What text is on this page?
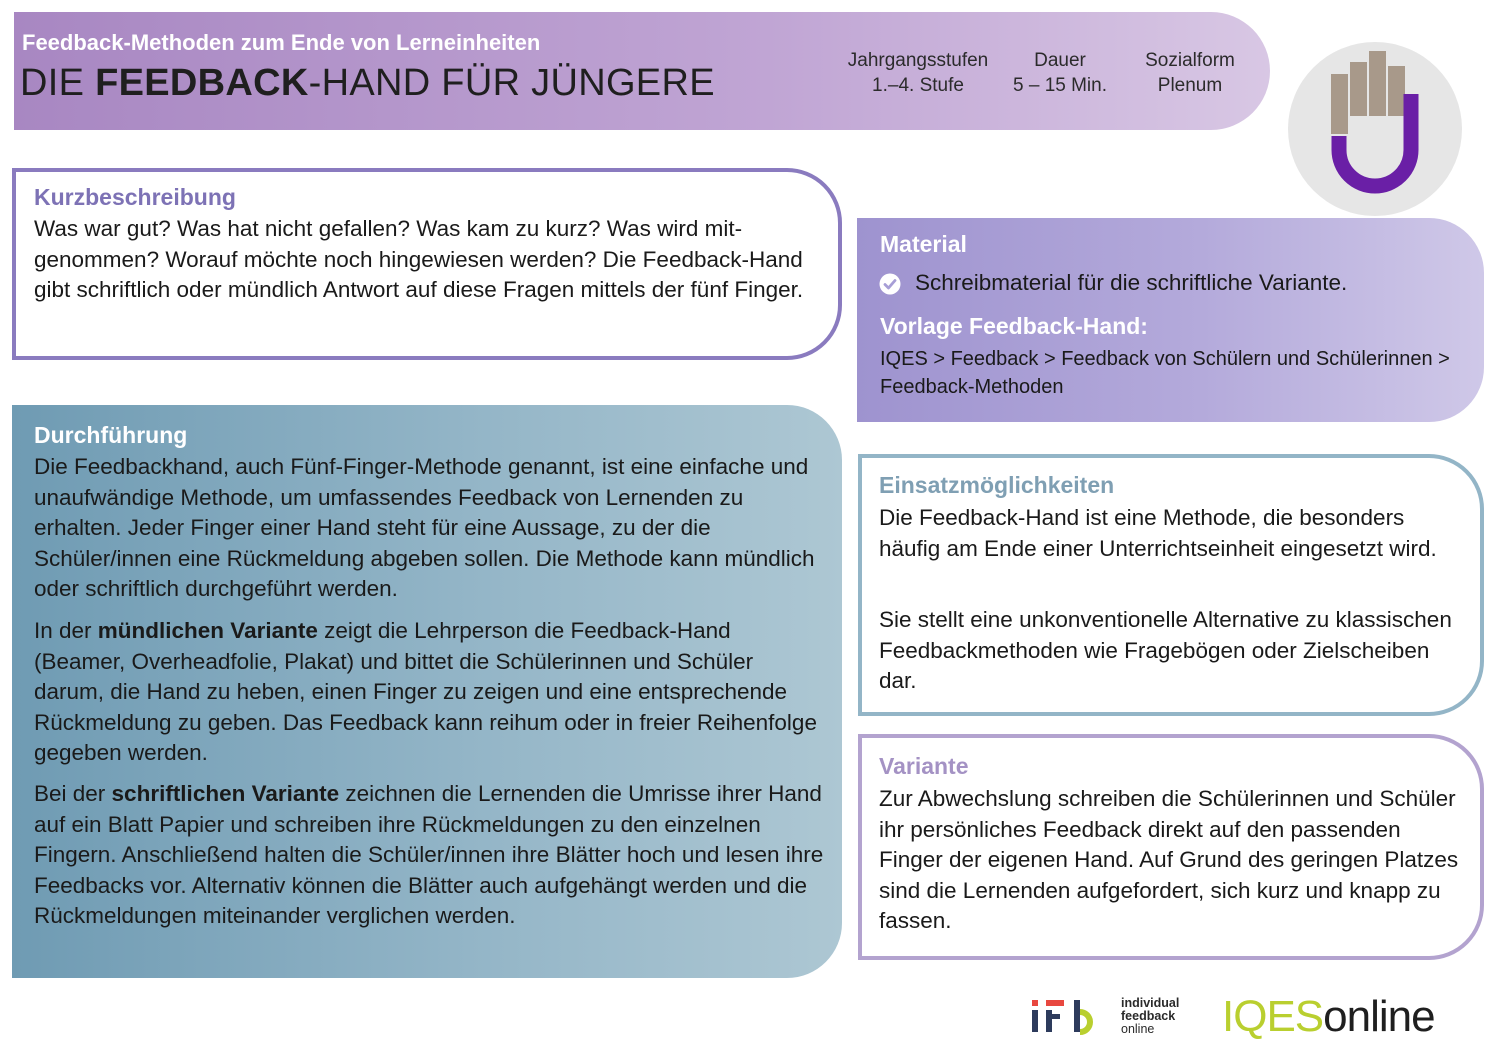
Feedback-Methoden zum Ende von Lerneinheiten
DIE FEEDBACK-HAND FÜR JÜNGERE
Jahrgangsstufen
1.–4. Stufe
Dauer
5 – 15 Min.
Sozialform
Plenum
Kurzbeschreibung
Was war gut? Was hat nicht gefallen? Was kam zu kurz? Was wird mitgenommen? Worauf möchte noch hingewiesen werden? Die Feedback-Hand gibt schriftlich oder mündlich Antwort auf diese Fragen mittels der fünf Finger.
Durchführung
Die Feedbackhand, auch Fünf-Finger-Methode genannt, ist eine einfache und unaufwändige Methode, um umfassendes Feedback von Lernenden zu erhalten. Jeder Finger einer Hand steht für eine Aussage, zu der die Schüler/innen eine Rückmeldung abgeben sollen. Die Methode kann mündlich oder schriftlich durchgeführt werden.
In der mündlichen Variante zeigt die Lehrperson die Feedback-Hand (Beamer, Overheadfolie, Plakat) und bittet die Schülerinnen und Schüler darum, die Hand zu heben, einen Finger zu zeigen und eine entsprechende Rückmeldung zu geben. Das Feedback kann reihum oder in freier Reihenfolge gegeben werden.
Bei der schriftlichen Variante zeichnen die Lernenden die Umrisse ihrer Hand auf ein Blatt Papier und schreiben ihre Rückmeldungen zu den einzelnen Fingern. Anschließend halten die Schüler/innen ihre Blätter hoch und lesen ihre Feedbacks vor. Alternativ können die Blätter auch aufgehängt werden und die Rückmeldungen miteinander verglichen werden.
Material
Schreibmaterial für die schriftliche Variante.
Vorlage Feedback-Hand:
IQES > Feedback > Feedback von Schülern und Schülerinnen > Feedback-Methoden
Einsatzmöglichkeiten
Die Feedback-Hand ist eine Methode, die besonders häufig am Ende einer Unterrichtseinheit eingesetzt wird.
Sie stellt eine unkonventionelle Alternative zu klassischen Feedbackmethoden wie Fragebögen oder Zielscheiben dar.
Variante
Zur Abwechslung schreiben die Schülerinnen und Schüler ihr persönliches Feedback direkt auf den passenden Finger der eigenen Hand. Auf Grund des geringen Platzes sind die Lernenden aufgefordert, sich kurz und knapp zu fassen.
individual
feedback
online	IQESonline
